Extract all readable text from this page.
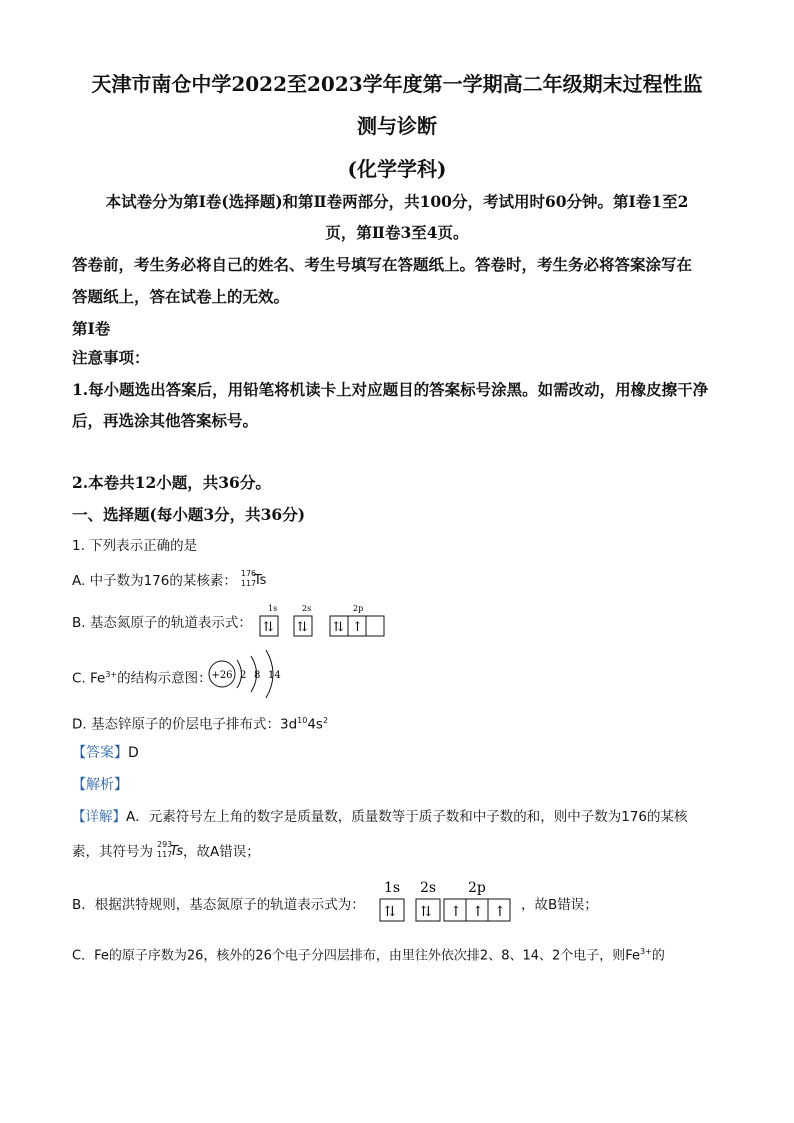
天津市南仓中学2022至2023学年度第一学期高二年级期末过程性监
测与诊断
(化学学科)
本试卷分为第Ⅰ卷(选择题)和第Ⅱ卷两部分，共100分，考试用时60分钟。第Ⅰ卷1至2
页，第Ⅱ卷3至4页。
答卷前，考生务必将自己的姓名、考生号填写在答题纸上。答卷时，考生务必将答案涂写在
答题纸上，答在试卷上的无效。
第Ⅰ卷
注意事项：
1.每小题选出答案后，用铅笔将机读卡上对应题目的答案标号涂黑。如需改动，用橡皮擦干净
后，再选涂其他答案标号。
2.本卷共12小题，共36分。
一、选择题(每小题3分，共36分)
1. 下列表示正确的是
A. 中子数为176的某核素： 176
117
Ts
B. 基态氮原子的轨道表示式：
1s	2s	2p
⇅ ⇅ ⇅ ↑
C. $Fe^{3+}$的结构示意图： +26 2 8 14
D. 基态锌原子的价层电子排布式：$3d^{10}4s^2$
【答案】D
【解析】
【详解】A．元素符号左上角的数字是质量数，质量数等于质子数和中子数的和，则中子数为176的某核
素，其符号为 293
117
Ts ，故A错误；
B．根据洪特规则，基态氮原子的轨道表示式为：
1s 2s 2p
⇅ ⇅ ↑ ↑ ↑ ，故B错误；
C．Fe的原子序数为26，核外的26个电子分四层排布，由里往外依次排2、8、14、2个电子，则$Fe^{3+}$的
